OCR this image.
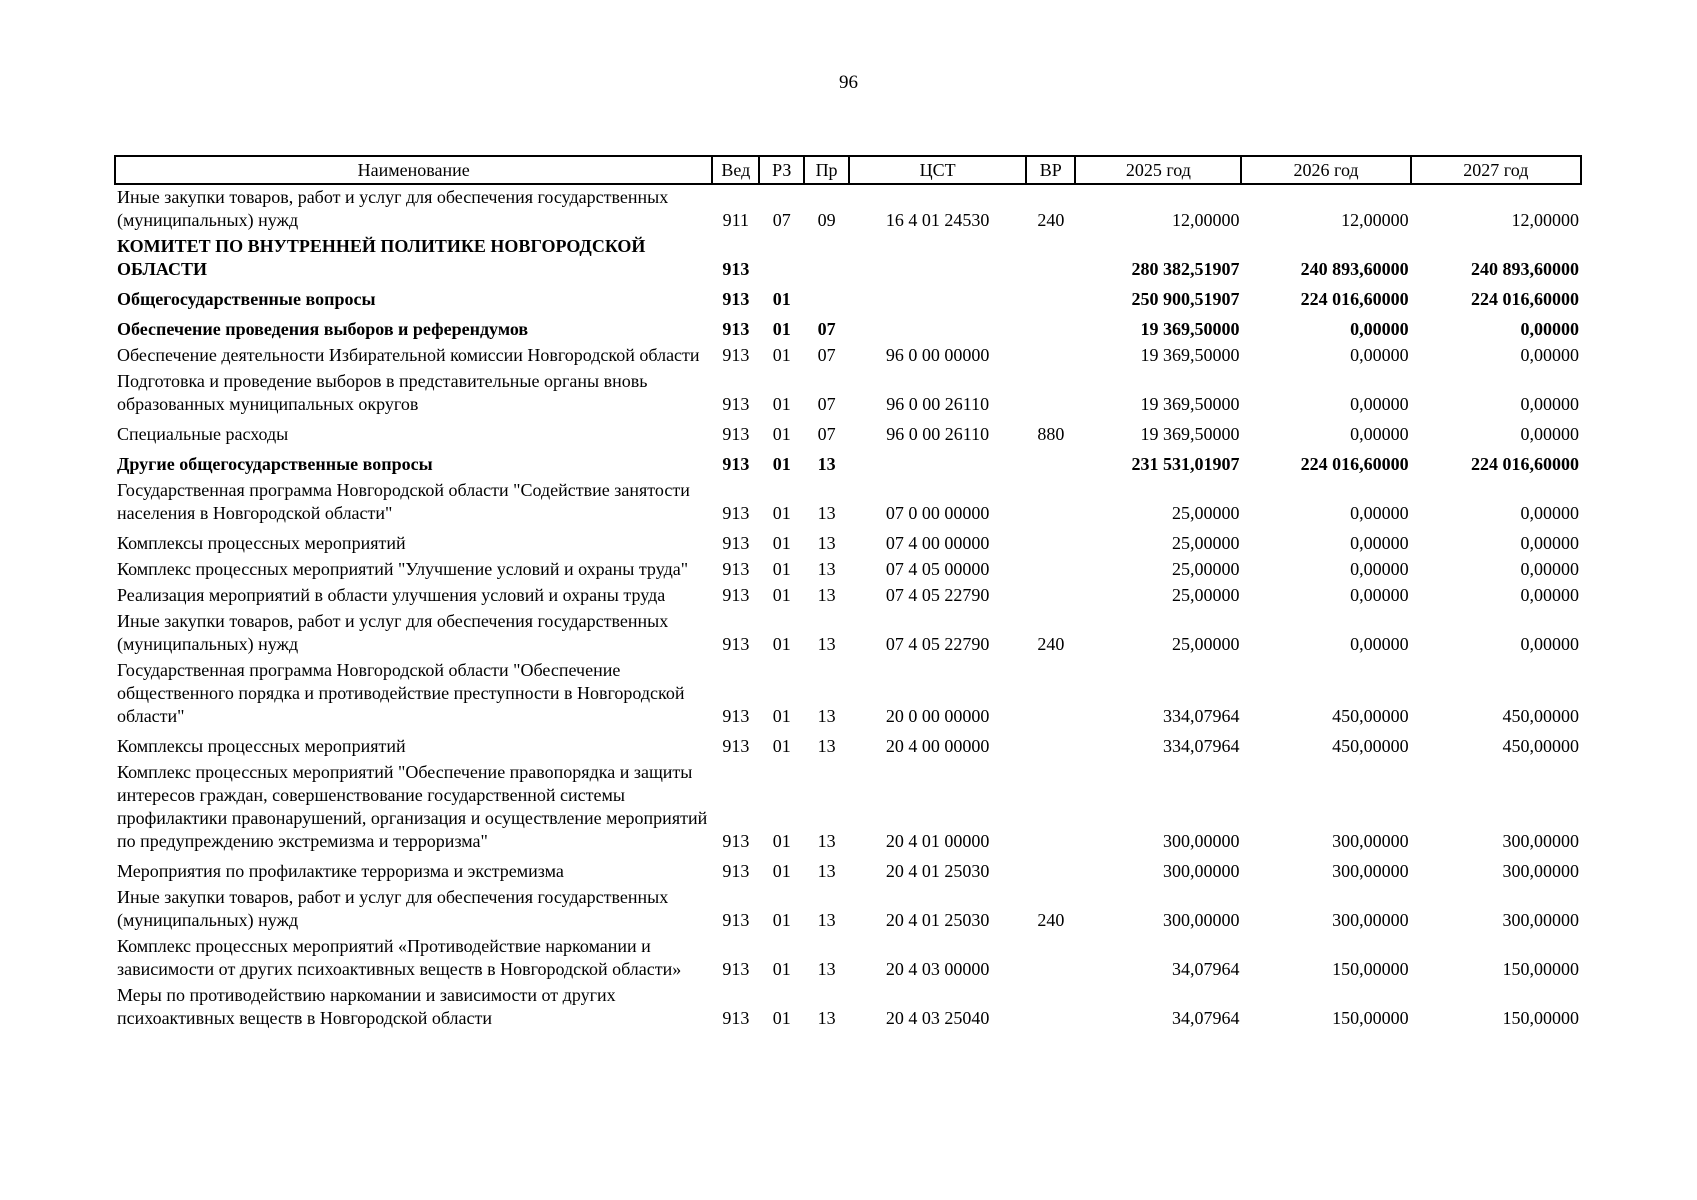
96
Наименование	Вед	РЗ	Пр	ЦСТ	ВР	2025 год	2026 год	2027 год
Иные закупки товаров, работ и услуг для обеспечения государственных (муниципальных) нужд	911	07	09	16 4 01 24530	240	12,00000	12,00000	12,00000
КОМИТЕТ ПО ВНУТРЕННЕЙ ПОЛИТИКЕ НОВГОРОДСКОЙ ОБЛАСТИ	913					280 382,51907	240 893,60000	240 893,60000
Общегосударственные вопросы	913	01				250 900,51907	224 016,60000	224 016,60000
Обеспечение проведения выборов и референдумов	913	01	07			19 369,50000	0,00000	0,00000
Обеспечение деятельности Избирательной комиссии Новгородской области	913	01	07	96 0 00 00000		19 369,50000	0,00000	0,00000
Подготовка и проведение выборов в представительные органы вновь образованных муниципальных округов	913	01	07	96 0 00 26110		19 369,50000	0,00000	0,00000
Специальные расходы	913	01	07	96 0 00 26110	880	19 369,50000	0,00000	0,00000
Другие общегосударственные вопросы	913	01	13			231 531,01907	224 016,60000	224 016,60000
Государственная программа Новгородской области "Содействие занятости населения в Новгородской области"	913	01	13	07 0 00 00000		25,00000	0,00000	0,00000
Комплексы процессных мероприятий	913	01	13	07 4 00 00000		25,00000	0,00000	0,00000
Комплекс процессных мероприятий "Улучшение условий и охраны труда"	913	01	13	07 4 05 00000		25,00000	0,00000	0,00000
Реализация мероприятий в области улучшения условий и охраны труда	913	01	13	07 4 05 22790		25,00000	0,00000	0,00000
Иные закупки товаров, работ и услуг для обеспечения государственных (муниципальных) нужд	913	01	13	07 4 05 22790	240	25,00000	0,00000	0,00000
Государственная программа Новгородской области "Обеспечение общественного порядка и противодействие преступности в Новгородской области"	913	01	13	20 0 00 00000		334,07964	450,00000	450,00000
Комплексы процессных мероприятий	913	01	13	20 4 00 00000		334,07964	450,00000	450,00000
Комплекс процессных мероприятий "Обеспечение правопорядка и защиты интересов граждан, совершенствование государственной системы профилактики правонарушений, организация и осуществление мероприятий по предупреждению экстремизма и терроризма"	913	01	13	20 4 01 00000		300,00000	300,00000	300,00000
Мероприятия по профилактике терроризма и экстремизма	913	01	13	20 4 01 25030		300,00000	300,00000	300,00000
Иные закупки товаров, работ и услуг для обеспечения государственных (муниципальных) нужд	913	01	13	20 4 01 25030	240	300,00000	300,00000	300,00000
Комплекс процессных мероприятий «Противодействие наркомании и зависимости от других психоактивных веществ в Новгородской области»	913	01	13	20 4 03 00000		34,07964	150,00000	150,00000
Меры по противодействию наркомании и зависимости от других психоактивных веществ в Новгородской области	913	01	13	20 4 03 25040		34,07964	150,00000	150,00000
